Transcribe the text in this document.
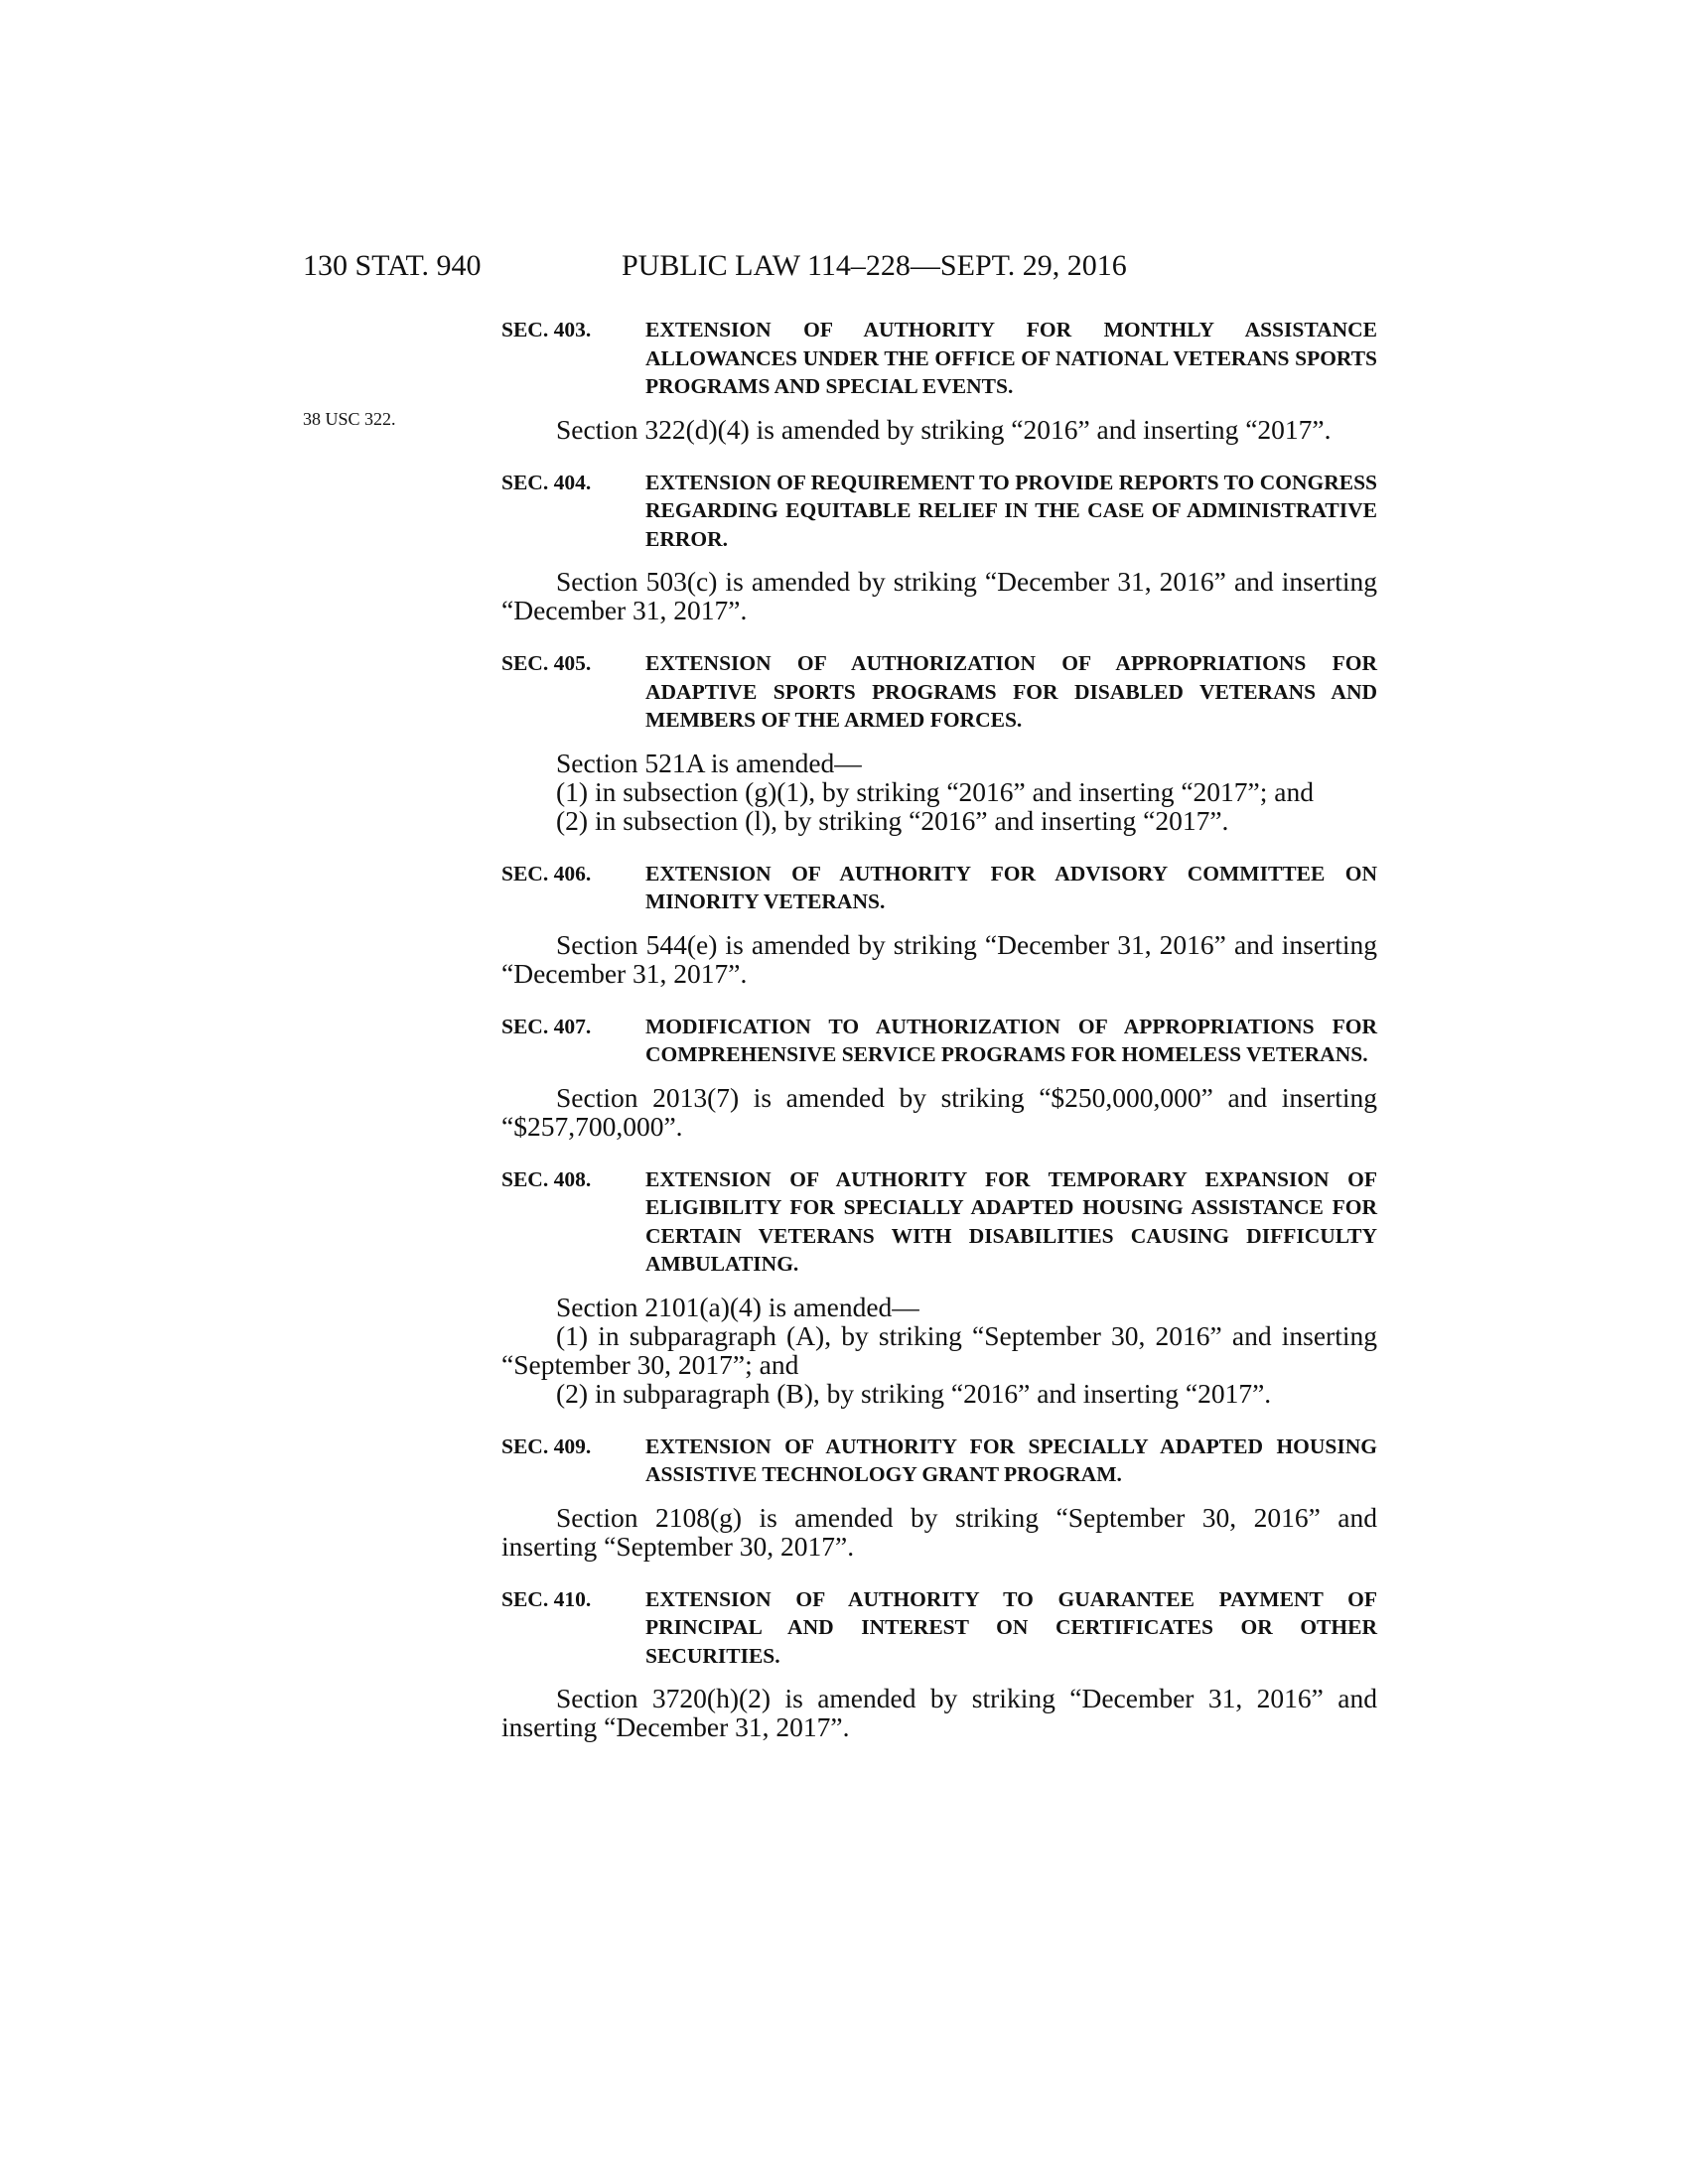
130 STAT. 940	PUBLIC LAW 114–228—SEPT. 29, 2016
38 USC 322.

SEC. 403.	EXTENSION OF AUTHORITY FOR MONTHLY ASSISTANCE ALLOWANCES UNDER THE OFFICE OF NATIONAL VETERANS SPORTS PROGRAMS AND SPECIAL EVENTS.

Section 322(d)(4) is amended by striking “2016” and inserting “2017”.

SEC. 404.	EXTENSION OF REQUIREMENT TO PROVIDE REPORTS TO CONGRESS REGARDING EQUITABLE RELIEF IN THE CASE OF ADMINISTRATIVE ERROR.

Section 503(c) is amended by striking “December 31, 2016” and inserting “December 31, 2017”.

SEC. 405.	EXTENSION OF AUTHORIZATION OF APPROPRIATIONS FOR ADAPTIVE SPORTS PROGRAMS FOR DISABLED VETERANS AND MEMBERS OF THE ARMED FORCES.

Section 521A is amended—

(1) in subsection (g)(1), by striking “2016” and inserting “2017”; and

(2) in subsection (l), by striking “2016” and inserting “2017”.

SEC. 406.	EXTENSION OF AUTHORITY FOR ADVISORY COMMITTEE ON MINORITY VETERANS.

Section 544(e) is amended by striking “December 31, 2016” and inserting “December 31, 2017”.

SEC. 407.	MODIFICATION TO AUTHORIZATION OF APPROPRIATIONS FOR COMPREHENSIVE SERVICE PROGRAMS FOR HOMELESS VETERANS.

Section 2013(7) is amended by striking “$250,000,000” and inserting “$257,700,000”.

SEC. 408.	EXTENSION OF AUTHORITY FOR TEMPORARY EXPANSION OF ELIGIBILITY FOR SPECIALLY ADAPTED HOUSING ASSISTANCE FOR CERTAIN VETERANS WITH DISABILITIES CAUSING DIFFICULTY AMBULATING.

Section 2101(a)(4) is amended—

(1) in subparagraph (A), by striking “September 30, 2016” and inserting “September 30, 2017”; and

(2) in subparagraph (B), by striking “2016” and inserting “2017”.

SEC. 409.	EXTENSION OF AUTHORITY FOR SPECIALLY ADAPTED HOUSING ASSISTIVE TECHNOLOGY GRANT PROGRAM.

Section 2108(g) is amended by striking “September 30, 2016” and inserting “September 30, 2017”.

SEC. 410.	EXTENSION OF AUTHORITY TO GUARANTEE PAYMENT OF PRINCIPAL AND INTEREST ON CERTIFICATES OR OTHER SECURITIES.

Section 3720(h)(2) is amended by striking “December 31, 2016” and inserting “December 31, 2017”.
